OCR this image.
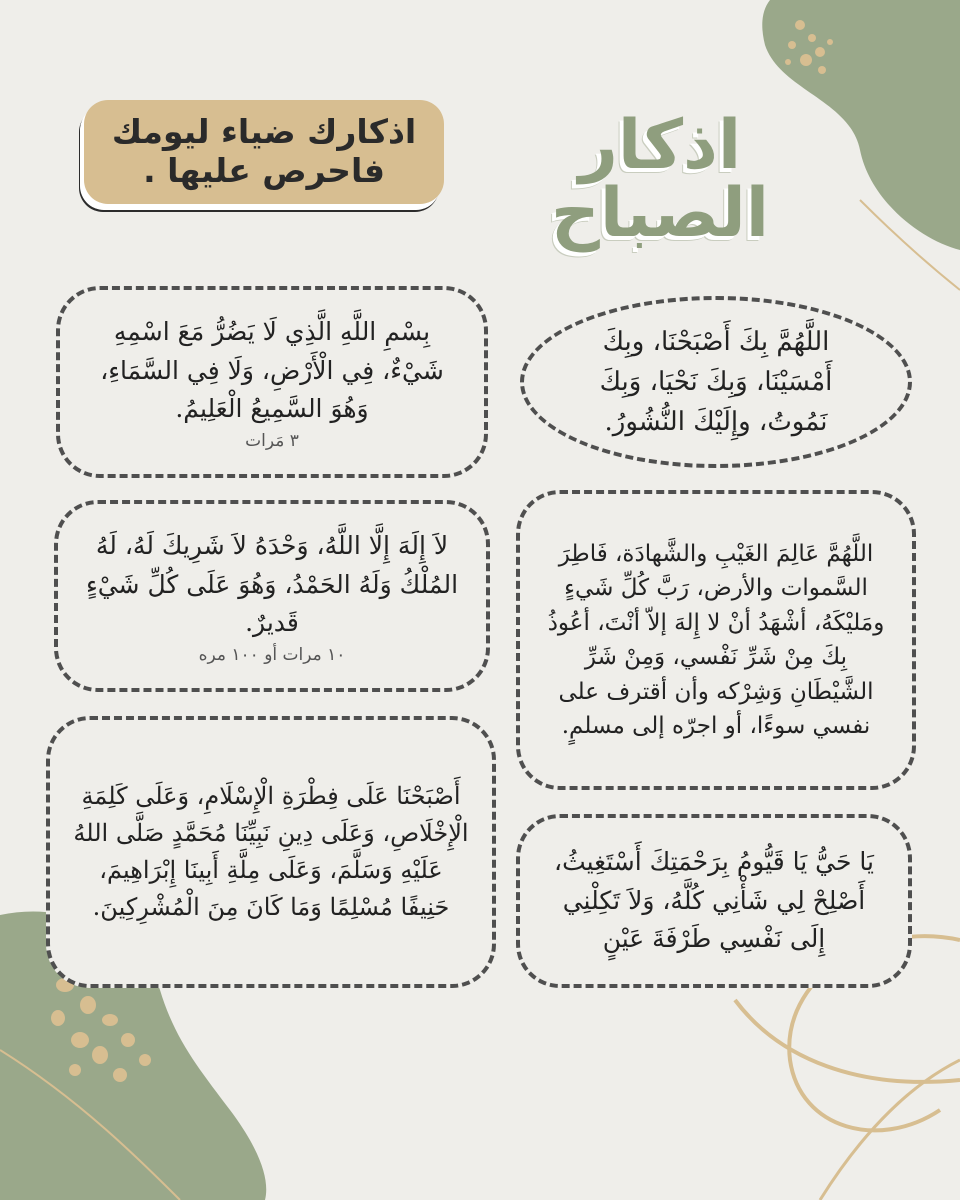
اذكار الصباح
اذكارك ضياء ليومك
فاحرص عليها .
اللَّهُمَّ بِكَ أَصْبَحْنَا، وبِكَ أَمْسَيْنَا، وَبِكَ نَحْيَا، وَبِكَ نَمُوتُ، وإِلَيْكَ النُّشُورُ.
بِسْمِ اللَّهِ الَّذِي لَا يَضُرُّ مَعَ اسْمِهِ شَيْءٌ، فِي الْأَرْضِ، وَلَا فِي السَّمَاءِ، وَهُوَ السَّمِيعُ الْعَلِيمُ.
٣ مَرات
اللَّهُمَّ عَالِمَ الغَيْبِ والشَّهادَة، فَاطِرَ السَّموات والأرض، رَبَّ كُلِّ شَيءٍ ومَليْكَهُ، أشْهَدُ أنْ لا إِلهَ إلاّ أنْتَ، أعُوذُ بِكَ مِنْ شَرِّ نَفْسي، وَمِنْ شَرِّ الشَّيْطَانِ وَشِرْكه وأن أقترف على نفسي سوءًا، أو اجرّه إلى مسلمٍ.
لاَ إِلَهَ إِلَّا اللَّهُ، وَحْدَهُ لاَ شَرِيكَ لَهُ، لَهُ المُلْكُ وَلَهُ الحَمْدُ، وَهُوَ عَلَى كُلِّ شَيْءٍ قَديرٌ.
١٠ مرات أو ١٠٠ مره
يَا حَيُّ يَا قَيُّومُ بِرَحْمَتِكَ أَسْتَغِيثُ، أَصْلِحْ لِي شَأْنِي كُلَّهُ، وَلاَ تَكِلْنِي إِلَى نَفْسِي طَرْفَةَ عَيْنٍ
أَصْبَحْنَا عَلَى فِطْرَةِ الْإِسْلَامِ، وَعَلَى كَلِمَةِ الْإِخْلَاصِ، وَعَلَى دِينِ نَبِيِّنَا مُحَمَّدٍ صَلَّى اللهُ عَلَيْهِ وَسَلَّمَ، وَعَلَى مِلَّةِ أَبِينَا إِبْرَاهِيمَ، حَنِيفًا مُسْلِمًا وَمَا كَانَ مِنَ الْمُشْرِكِينَ.
